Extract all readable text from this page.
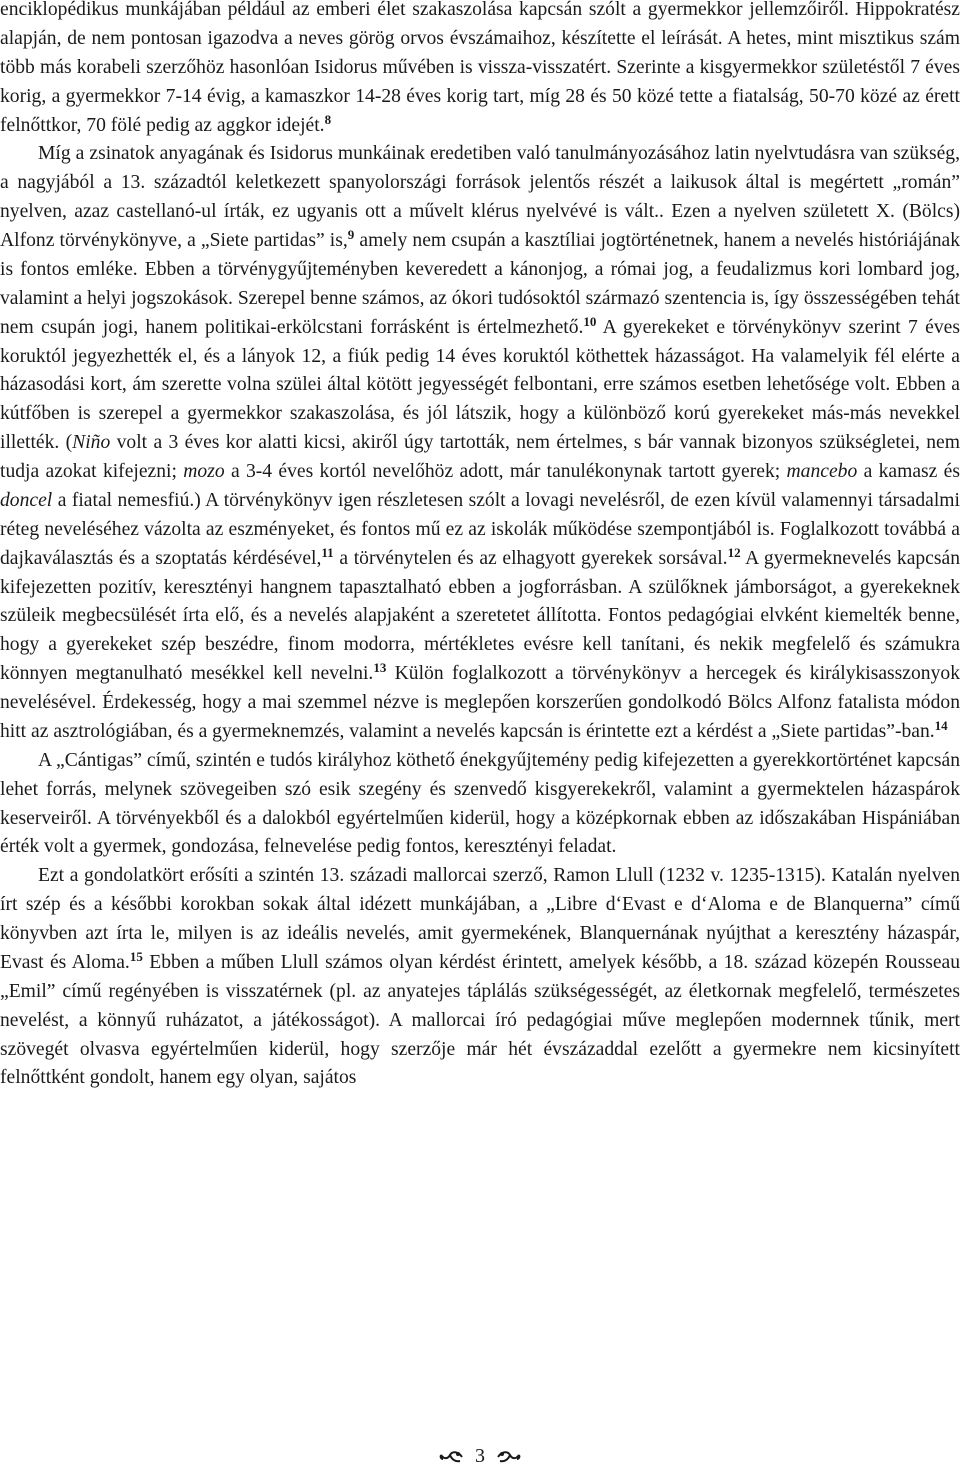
enciklopédikus munkájában például az emberi élet szakaszolása kapcsán szólt a gyermekkor jellemzőiről. Hippokratész alapján, de nem pontosan igazodva a neves görög orvos évszámaihoz, készítette el leírását. A hetes, mint misztikus szám több más korabeli szerzőhöz hasonlóan Isidorus művében is vissza-visszatért. Szerinte a kisgyermekkor születéstől 7 éves korig, a gyermekkor 7-14 évig, a kamaszkor 14-28 éves korig tart, míg 28 és 50 közé tette a fiatalság, 50-70 közé az érett felnőttkor, 70 fölé pedig az aggkor idejét.$^8$

Míg a zsinatok anyagának és Isidorus munkáinak eredetiben való tanulmányozásához latin nyelvtudásra van szükség, a nagyjából a 13. századtól keletkezett spanyolországi források jelentős részét a laikusok által is megértett „román” nyelven, azaz castellanó-ul írták, ez ugyanis ott a művelt klérus nyelvévé is vált.. Ezen a nyelven született X. (Bölcs) Alfonz törvénykönyve, a „Siete partidas” is,$^9$ amely nem csupán a kasztíliai jogtörténetnek, hanem a nevelés históriájának is fontos emléke. Ebben a törvénygyűjteményben keveredett a kánonjog, a római jog, a feudalizmus kori lombard jog, valamint a helyi jogszokások. Szerepel benne számos, az ókori tudósoktól származó szentencia is, így összességében tehát nem csupán jogi, hanem politikai-erkölcstani forrásként is értelmezhető.$^{10}$ A gyerekeket e törvénykönyv szerint 7 éves koruktól jegyezhették el, és a lányok 12, a fiúk pedig 14 éves koruktól köthettek házasságot. Ha valamelyik fél elérte a házasodási kort, ám szerette volna szülei által kötött jegyességét felbontani, erre számos esetben lehetősége volt. Ebben a kútfőben is szerepel a gyermekkor szakaszolása, és jól látszik, hogy a különböző korú gyerekeket más-más nevekkel illették. (Niño volt a 3 éves kor alatti kicsi, akiről úgy tartották, nem értelmes, s bár vannak bizonyos szükségletei, nem tudja azokat kifejezni; mozo a 3-4 éves kortól nevelőhöz adott, már tanulékonynak tartott gyerek; mancebo a kamasz és doncel a fiatal nemesfiú.) A törvénykönyv igen részletesen szólt a lovagi nevelésről, de ezen kívül valamennyi társadalmi réteg neveléséhez vázolta az eszményeket, és fontos mű ez az iskolák működése szempontjából is. Foglalkozott továbbá a dajkaválasztás és a szoptatás kérdésével,$^{11}$ a törvénytelen és az elhagyott gyerekek sorsával.$^{12}$ A gyermeknevelés kapcsán kifejezetten pozitív, keresztényi hangnem tapasztalható ebben a jogforrásban. A szülőknek jámborságot, a gyerekeknek szüleik megbecsülését írta elő, és a nevelés alapjaként a szeretetet állította. Fontos pedagógiai elvként kiemelték benne, hogy a gyerekeket szép beszédre, finom modorra, mértékletes evésre kell tanítani, és nekik megfelelő és számukra könnyen megtanulható mesékkel kell nevelni.$^{13}$ Külön foglalkozott a törvénykönyv a hercegek és királykisasszonyok nevelésével. Érdekesség, hogy a mai szemmel nézve is meglepően korszerűen gondolkodó Bölcs Alfonz fatalista módon hitt az asztrológiában, és a gyermeknemzés, valamint a nevelés kapcsán is érintette ezt a kérdést a „Siete partidas”-ban.$^{14}$

A „Cántigas” című, szintén e tudós királyhoz köthető énekgyűjtemény pedig kifejezetten a gyerekkortörténet kapcsán lehet forrás, melynek szövegeiben szó esik szegény és szenvedő kisgyerekekről, valamint a gyermektelen házaspárok keserveiről. A törvényekből és a dalokból egyértelműen kiderül, hogy a középkornak ebben az időszakában Hispániában érték volt a gyermek, gondozása, felnevelése pedig fontos, keresztényi feladat.

Ezt a gondolatkört erősíti a szintén 13. századi mallorcai szerző, Ramon Llull (1232 v. 1235-1315). Katalán nyelven írt szép és a későbbi korokban sokak által idézett munkájában, a „Libre d‘Evast e d‘Aloma e de Blanquerna” című könyvben azt írta le, milyen is az ideális nevelés, amit gyermekének, Blanquernának nyújthat a keresztény házaspár, Evast és Aloma.$^{15}$ Ebben a műben Llull számos olyan kérdést érintett, amelyek később, a 18. század közepén Rousseau „Emil” című regényében is visszatérnek (pl. az anyatejes táplálás szükségességét, az életkornak megfelelő, természetes nevelést, a könnyű ruházatot, a játékosságot). A mallorcai író pedagógiai műve meglepően modernnek tűnik, mert szövegét olvasva egyértelműen kiderül, hogy szerzője már hét évszázaddal ezelőtt a gyermekre nem kicsinyített felnőttként gondolt, hanem egy olyan, sajátos

3
